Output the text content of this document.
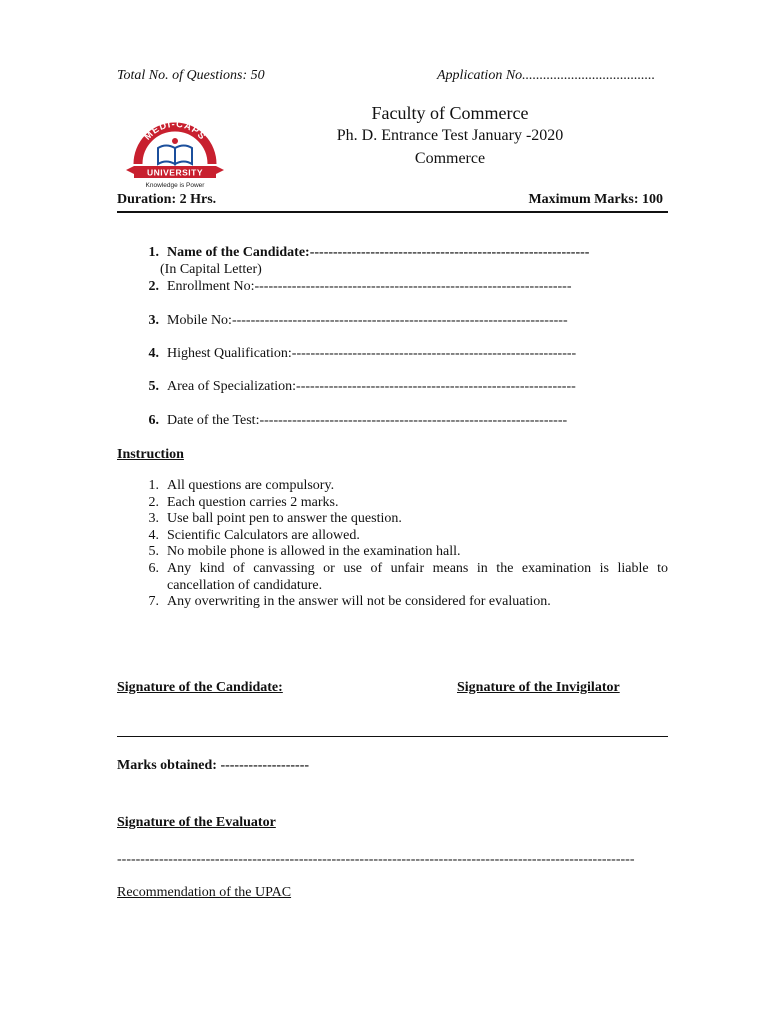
Total No. of Questions: 50	Application No......................................
MEDI-CAPS
UNIVERSITY
Knowledge is Power
Faculty of Commerce
Ph. D. Entrance Test January -2020
Commerce
Duration: 2 Hrs.	Maximum Marks: 100
1. Name of the Candidate:------------------------------------------------------------
(In Capital Letter)
2. Enrollment No:--------------------------------------------------------------------
3. Mobile No:------------------------------------------------------------------------
4. Highest Qualification:-------------------------------------------------------------
5. Area of Specialization:------------------------------------------------------------
6. Date of the Test:------------------------------------------------------------------
Instruction
1. All questions are compulsory.
2. Each question carries 2 marks.
3. Use ball point pen to answer the question.
4. Scientific Calculators are allowed.
5. No mobile phone is allowed in the examination hall.
6. Any kind of canvassing or use of unfair means in the examination is liable to cancellation of candidature.
7. Any overwriting in the answer will not be considered for evaluation.
Signature of the Candidate:	Signature of the Invigilator
Marks obtained: -------------------
Signature of the Evaluator
---------------------------------------------------------------------------------------------------------------
Recommendation of the UPAC
